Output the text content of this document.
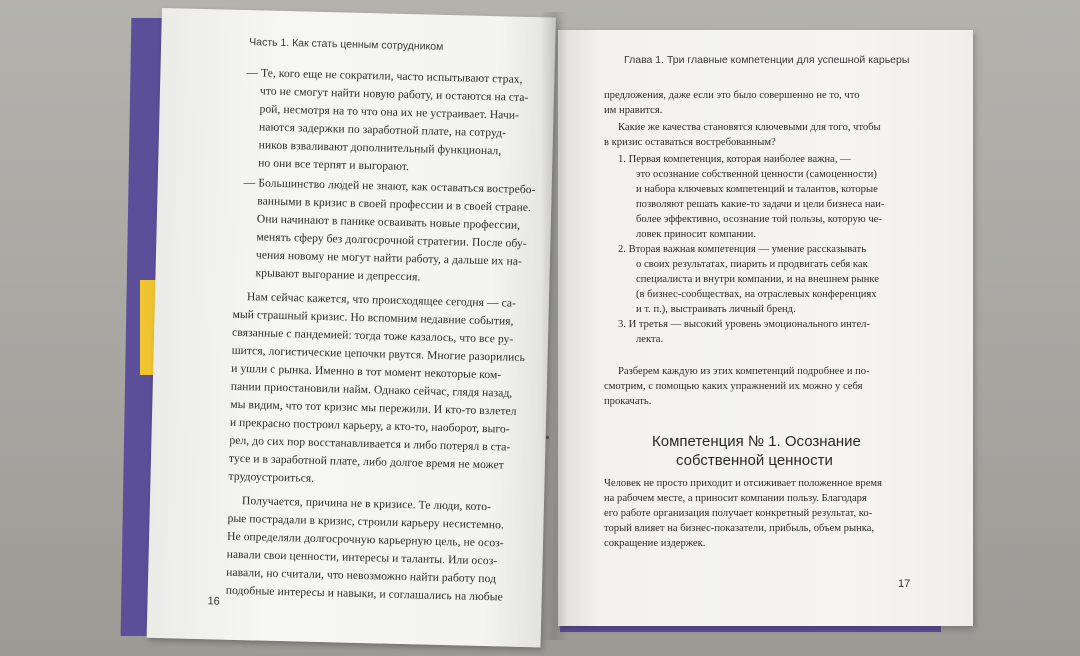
Часть 1. Как стать ценным сотрудником
— Те, кого еще не сократили, часто испытывают страх,
что не смогут найти новую работу, и остаются на ста-
рой, несмотря на то что она их не устраивает. Начи-
наются задержки по заработной плате, на сотруд-
ников взваливают дополнительный функционал,
но они все терпят и выгорают.
— Большинство людей не знают, как оставаться востребо-
ванными в кризис в своей профессии и в своей стране.
Они начинают в панике осваивать новые профессии,
менять сферу без долгосрочной стратегии. После обу-
чения новому не могут найти работу, а дальше их на-
крывают выгорание и депрессия.
Нам сейчас кажется, что происходящее сегодня — са-
мый страшный кризис. Но вспомним недавние события,
связанные с пандемией: тогда тоже казалось, что все ру-
шится, логистические цепочки рвутся. Многие разорились
и ушли с рынка. Именно в тот момент некоторые ком-
пании приостановили найм. Однако сейчас, глядя назад,
мы видим, что тот кризис мы пережили. И кто-то взлетел
и прекрасно построил карьеру, а кто-то, наоборот, выго-
рел, до сих пор восстанавливается и либо потерял в ста-
тусе и в заработной плате, либо долгое время не может
трудоустроиться.
Получается, причина не в кризисе. Те люди, кото-
рые пострадали в кризис, строили карьеру несистемно.
Не определяли долгосрочную карьерную цель, не осоз-
навали свои ценности, интересы и таланты. Или осоз-
навали, но считали, что невозможно найти работу под
подобные интересы и навыки, и соглашались на любые
16
Глава 1. Три главные компетенции для успешной карьеры
предложения, даже если это было совершенно не то, что
им нравится.
Какие же качества становятся ключевыми для того, чтобы
в кризис оставаться востребованным?
1. Первая компетенция, которая наиболее важна, —
это осознание собственной ценности (самоценности)
и набора ключевых компетенций и талантов, которые
позволяют решать какие-то задачи и цели бизнеса наи-
более эффективно, осознание той пользы, которую че-
ловек приносит компании.
2. Вторая важная компетенция — умение рассказывать
о своих результатах, пиарить и продвигать себя как
специалиста и внутри компании, и на внешнем рынке
(в бизнес-сообществах, на отраслевых конференциях
и т. п.), выстраивать личный бренд.
3. И третья — высокий уровень эмоционального интел-
лекта.
Разберем каждую из этих компетенций подробнее и по-
смотрим, с помощью каких упражнений их можно у себя
прокачать.
Компетенция № 1. Осознание
собственной ценности
Человек не просто приходит и отсиживает положенное время
на рабочем месте, а приносит компании пользу. Благодаря
его работе организация получает конкретный результат, ко-
торый влияет на бизнес-показатели, прибыль, объем рынка,
сокращение издержек.
17
